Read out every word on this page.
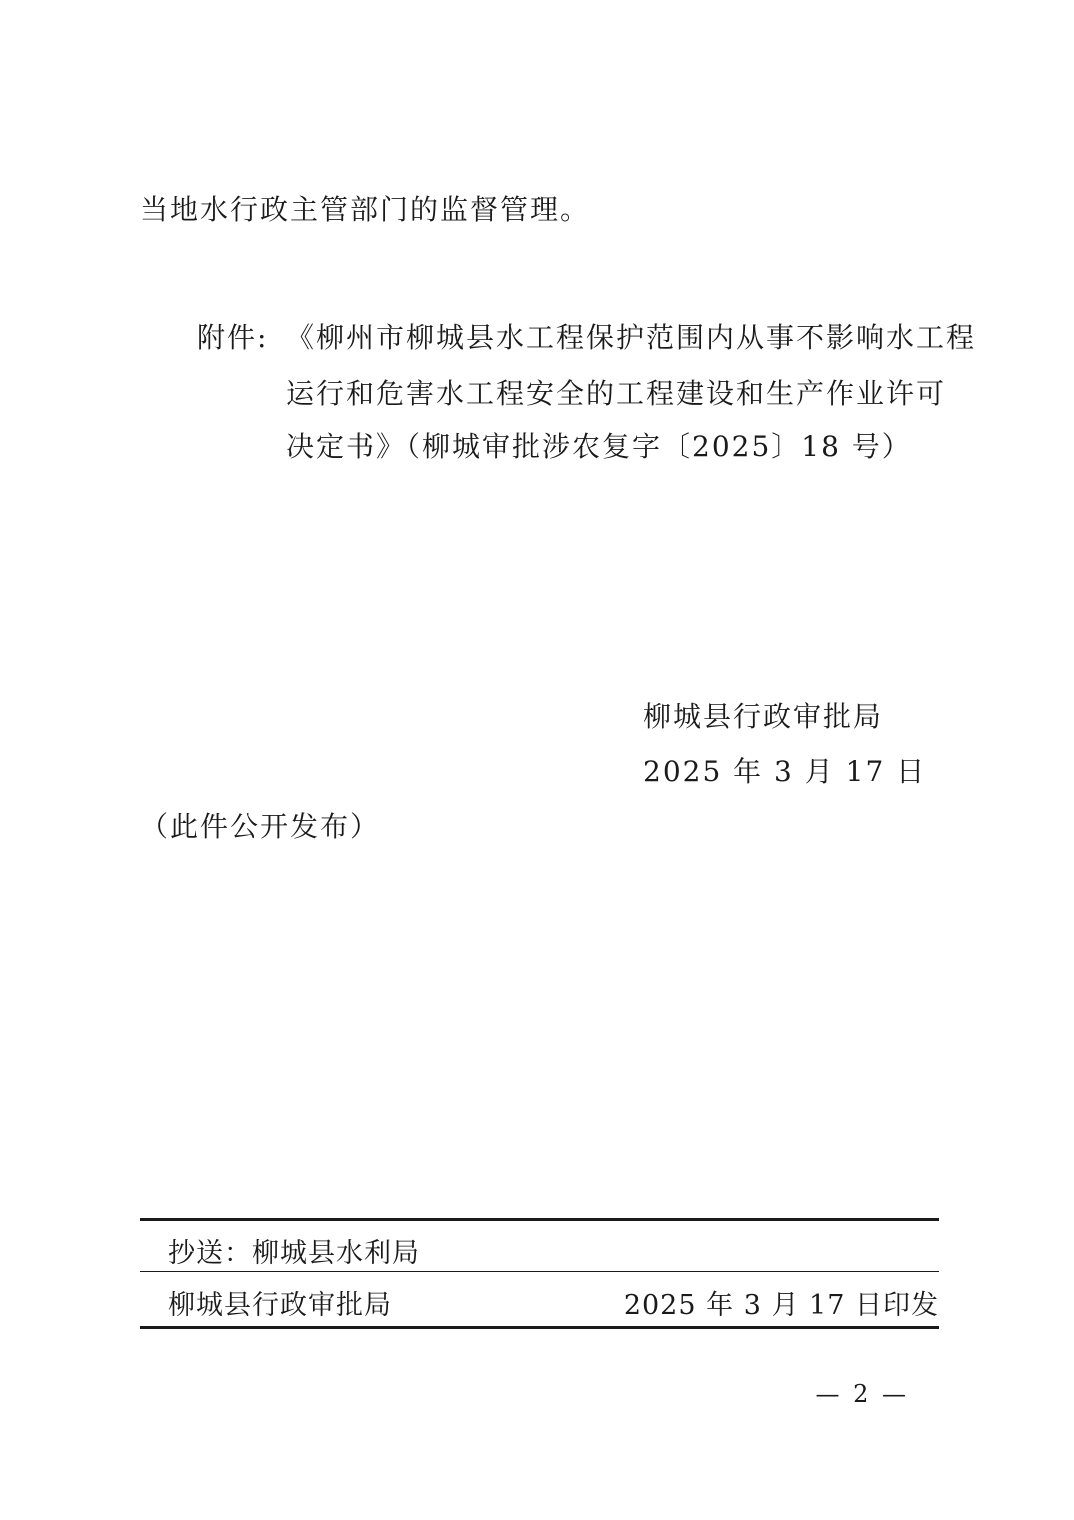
当地水行政主管部门的监督管理。

附件: 《柳州市柳城县水工程保护范围内从事不影响水工程
运行和危害水工程安全的工程建设和生产作业许可
决定书》（柳城审批涉农复字〔2025〕18 号）
柳城县行政审批局
2025 年 3 月 17 日
（此件公开发布）
抄送：柳城县水利局
柳城县行政审批局	2025 年 3 月 17 日印发
— 2 —
